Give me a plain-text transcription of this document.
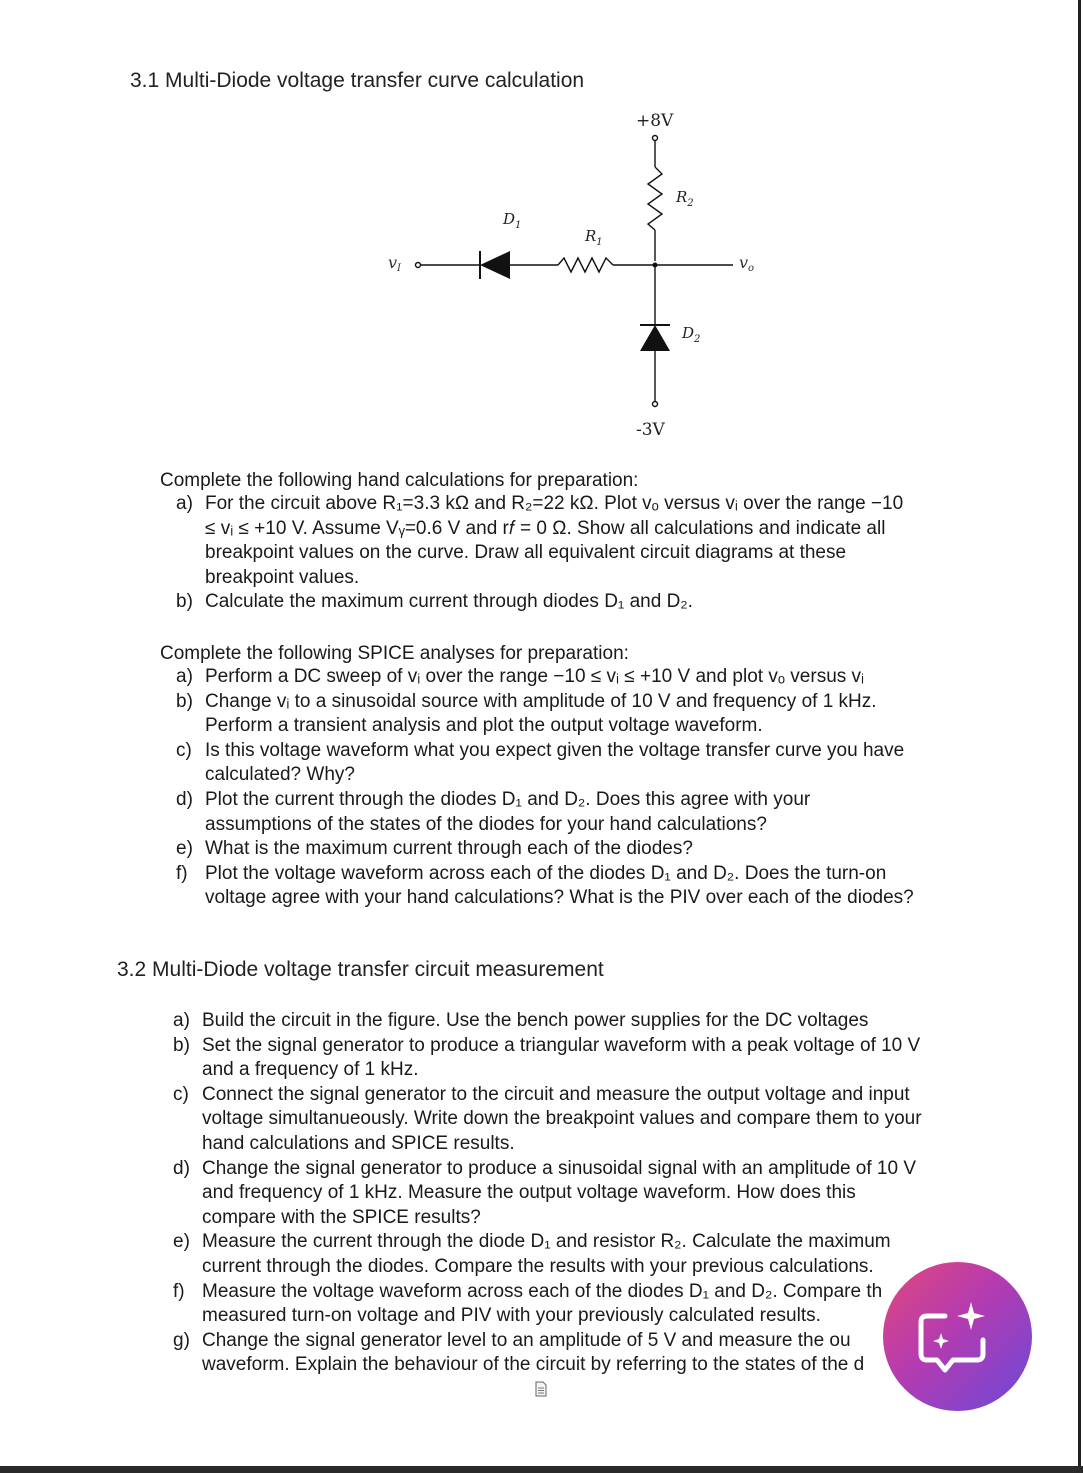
3.1 Multi-Diode voltage transfer curve calculation
+8V
-3V
$R_2$
$R_1$
$D_1$
$D_2$
vI	vo
Complete the following hand calculations for preparation:
a) For the circuit above R₁=3.3 kΩ and R₂=22 kΩ. Plot vₒ versus vᵢ over the range −10
≤ vᵢ ≤ +10 V. Assume Vᵧ=0.6 V and r𝑓 = 0 Ω. Show all calculations and indicate all
breakpoint values on the curve. Draw all equivalent circuit diagrams at these
breakpoint values.
b) Calculate the maximum current through diodes D₁ and D₂.
Complete the following SPICE analyses for preparation:
a) Perform a DC sweep of vᵢ over the range −10 ≤ vᵢ ≤ +10 V and plot vₒ versus vᵢ
b) Change vᵢ to a sinusoidal source with amplitude of 10 V and frequency of 1 kHz.
Perform a transient analysis and plot the output voltage waveform.
c) Is this voltage waveform what you expect given the voltage transfer curve you have
calculated? Why?
d) Plot the current through the diodes D₁ and D₂. Does this agree with your
assumptions of the states of the diodes for your hand calculations?
e) What is the maximum current through each of the diodes?
f) Plot the voltage waveform across each of the diodes D₁ and D₂. Does the turn-on
voltage agree with your hand calculations? What is the PIV over each of the diodes?
3.2 Multi-Diode voltage transfer circuit measurement
a) Build the circuit in the figure. Use the bench power supplies for the DC voltages
b) Set the signal generator to produce a triangular waveform with a peak voltage of 10 V
and a frequency of 1 kHz.
c) Connect the signal generator to the circuit and measure the output voltage and input
voltage simultanueously. Write down the breakpoint values and compare them to your
hand calculations and SPICE results.
d) Change the signal generator to produce a sinusoidal signal with an amplitude of 10 V
and frequency of 1 kHz. Measure the output voltage waveform. How does this
compare with the SPICE results?
e) Measure the current through the diode D₁ and resistor R₂. Calculate the maximum
current through the diodes. Compare the results with your previous calculations.
f) Measure the voltage waveform across each of the diodes D₁ and D₂. Compare th
measured turn-on voltage and PIV with your previously calculated results.
g) Change the signal generator level to an amplitude of 5 V and measure the ou
waveform. Explain the behaviour of the circuit by referring to the states of the d
